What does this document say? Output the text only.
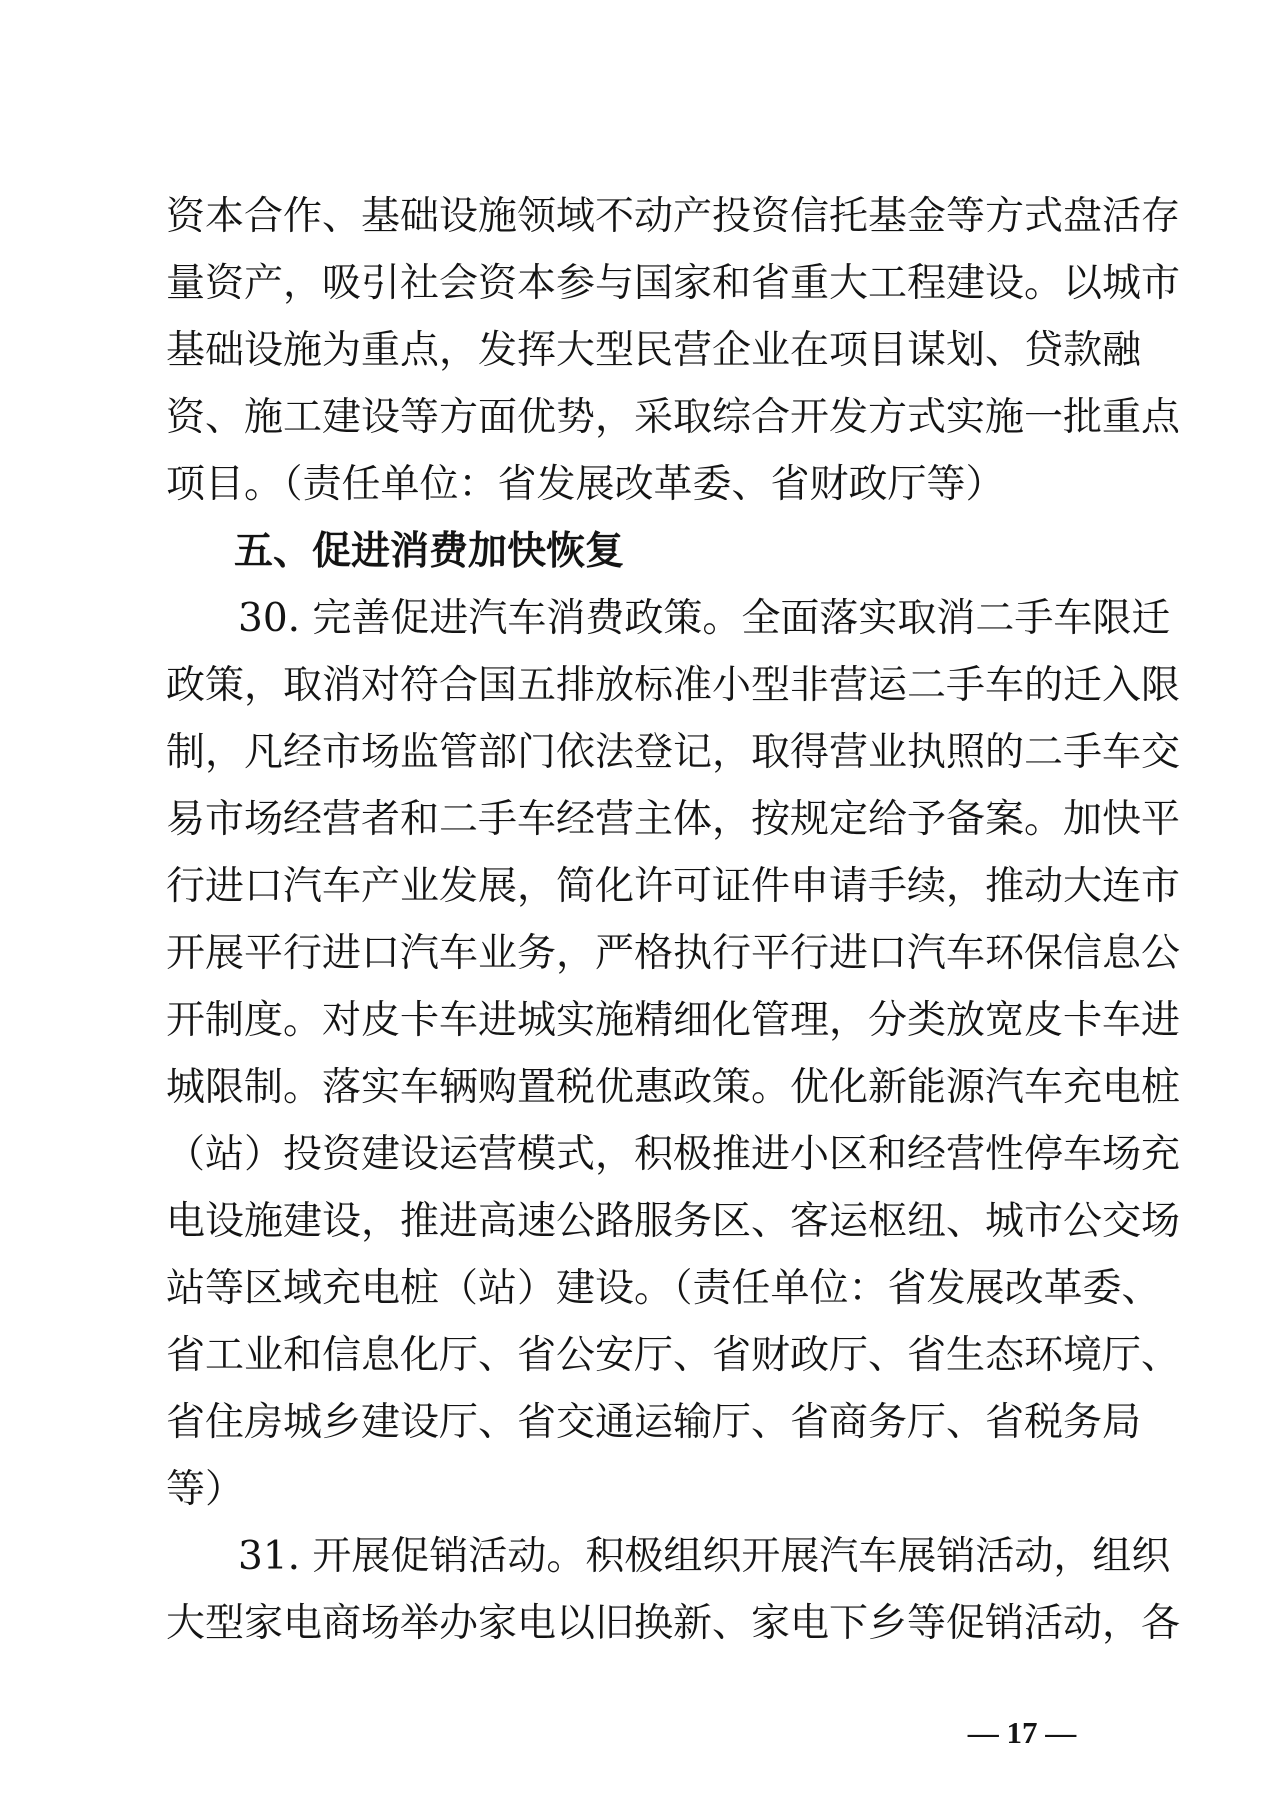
资本合作、基础设施领域不动产投资信托基金等方式盘活存
量资产，吸引社会资本参与国家和省重大工程建设。以城市
基础设施为重点，发挥大型民营企业在项目谋划、贷款融
资、施工建设等方面优势，采取综合开发方式实施一批重点
项目。（责任单位：省发展改革委、省财政厅等）
五、促进消费加快恢复
30. 完善促进汽车消费政策。全面落实取消二手车限迁
政策，取消对符合国五排放标准小型非营运二手车的迁入限
制，凡经市场监管部门依法登记，取得营业执照的二手车交
易市场经营者和二手车经营主体，按规定给予备案。加快平
行进口汽车产业发展，简化许可证件申请手续，推动大连市
开展平行进口汽车业务，严格执行平行进口汽车环保信息公
开制度。对皮卡车进城实施精细化管理，分类放宽皮卡车进
城限制。落实车辆购置税优惠政策。优化新能源汽车充电桩
（站）投资建设运营模式，积极推进小区和经营性停车场充
电设施建设，推进高速公路服务区、客运枢纽、城市公交场
站等区域充电桩（站）建设。（责任单位：省发展改革委、
省工业和信息化厅、省公安厅、省财政厅、省生态环境厅、
省住房城乡建设厅、省交通运输厅、省商务厅、省税务局
等）
31. 开展促销活动。积极组织开展汽车展销活动，组织
大型家电商场举办家电以旧换新、家电下乡等促销活动，各
— 17 —
